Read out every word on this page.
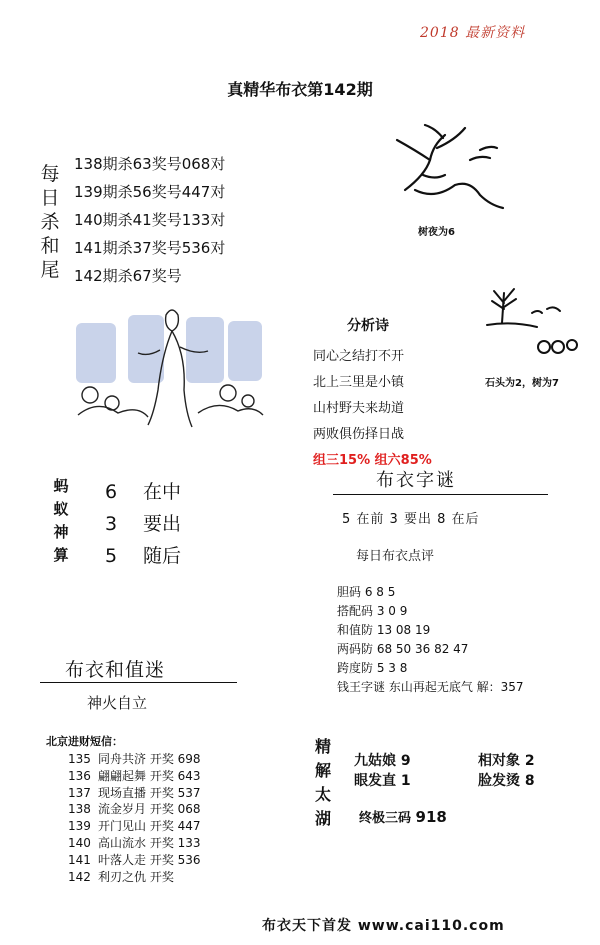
2018 最新资料
真精华布衣第142期
每
日
杀
和
尾
138期杀63奖号068对
139期杀56奖号447对
140期杀41奖号133对
141期杀37奖号536对
142期杀67奖号
树夜为6
石头为2，树为7
分析诗
同心之结打不开
北上三里是小镇
山村野夫来劫道
两败俱伤择日战
组三15% 组六85%
蚂
蚁
神
算
6 在中
3 要出
5 随后
布衣字谜
5 在前 3 要出 8 在后
每日布衣点评
胆码 6 8 5
搭配码 3 0 9
和值防 13 08 19
两码防 68 50 36 82 47
跨度防 5 3 8
钱王字谜 东山再起无底气 解：357
布衣和值迷
神火自立
北京进财短信：
135 同舟共济 开奖 698
136 翩翩起舞 开奖 643
137 现场直播 开奖 537
138 流金岁月 开奖 068
139 开门见山 开奖 447
140 高山流水 开奖 133
141 叶落人走 开奖 536
142 利刃之仇 开奖
精
解
太
湖
九姑娘 9	相对象 2
眼发直 1	脸发烫 8
终极三码 918
布衣天下首发 www.cai110.com
